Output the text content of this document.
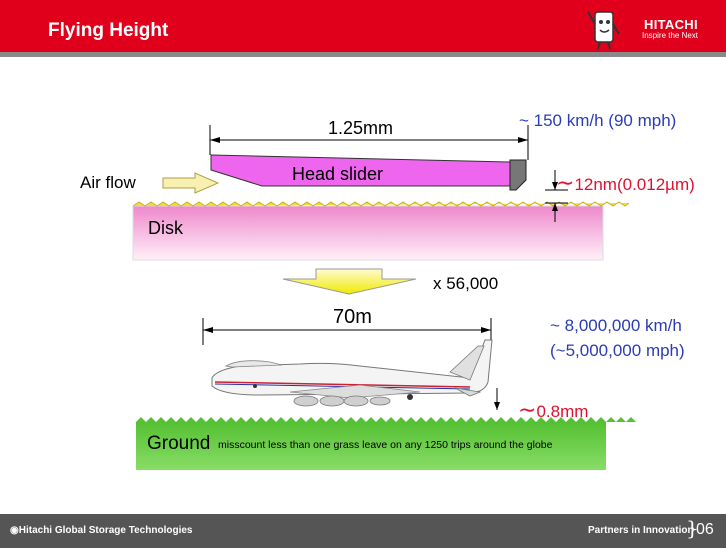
Flying Height	HITACHI
Inspire the Next
1.25mm	~ 150 km/h (90 mph)
Air flow	Head slider	∼12nm(0.012µm)
Disk
x 56,000
70m	~ 8,000,000 km/h
(~5,000,000 mph)
∼0.8mm
Ground misscount less than one grass leave on any 1250 trips around the globe
◉Hitachi Global Storage Technologies	Partners in Innovation
}
06
